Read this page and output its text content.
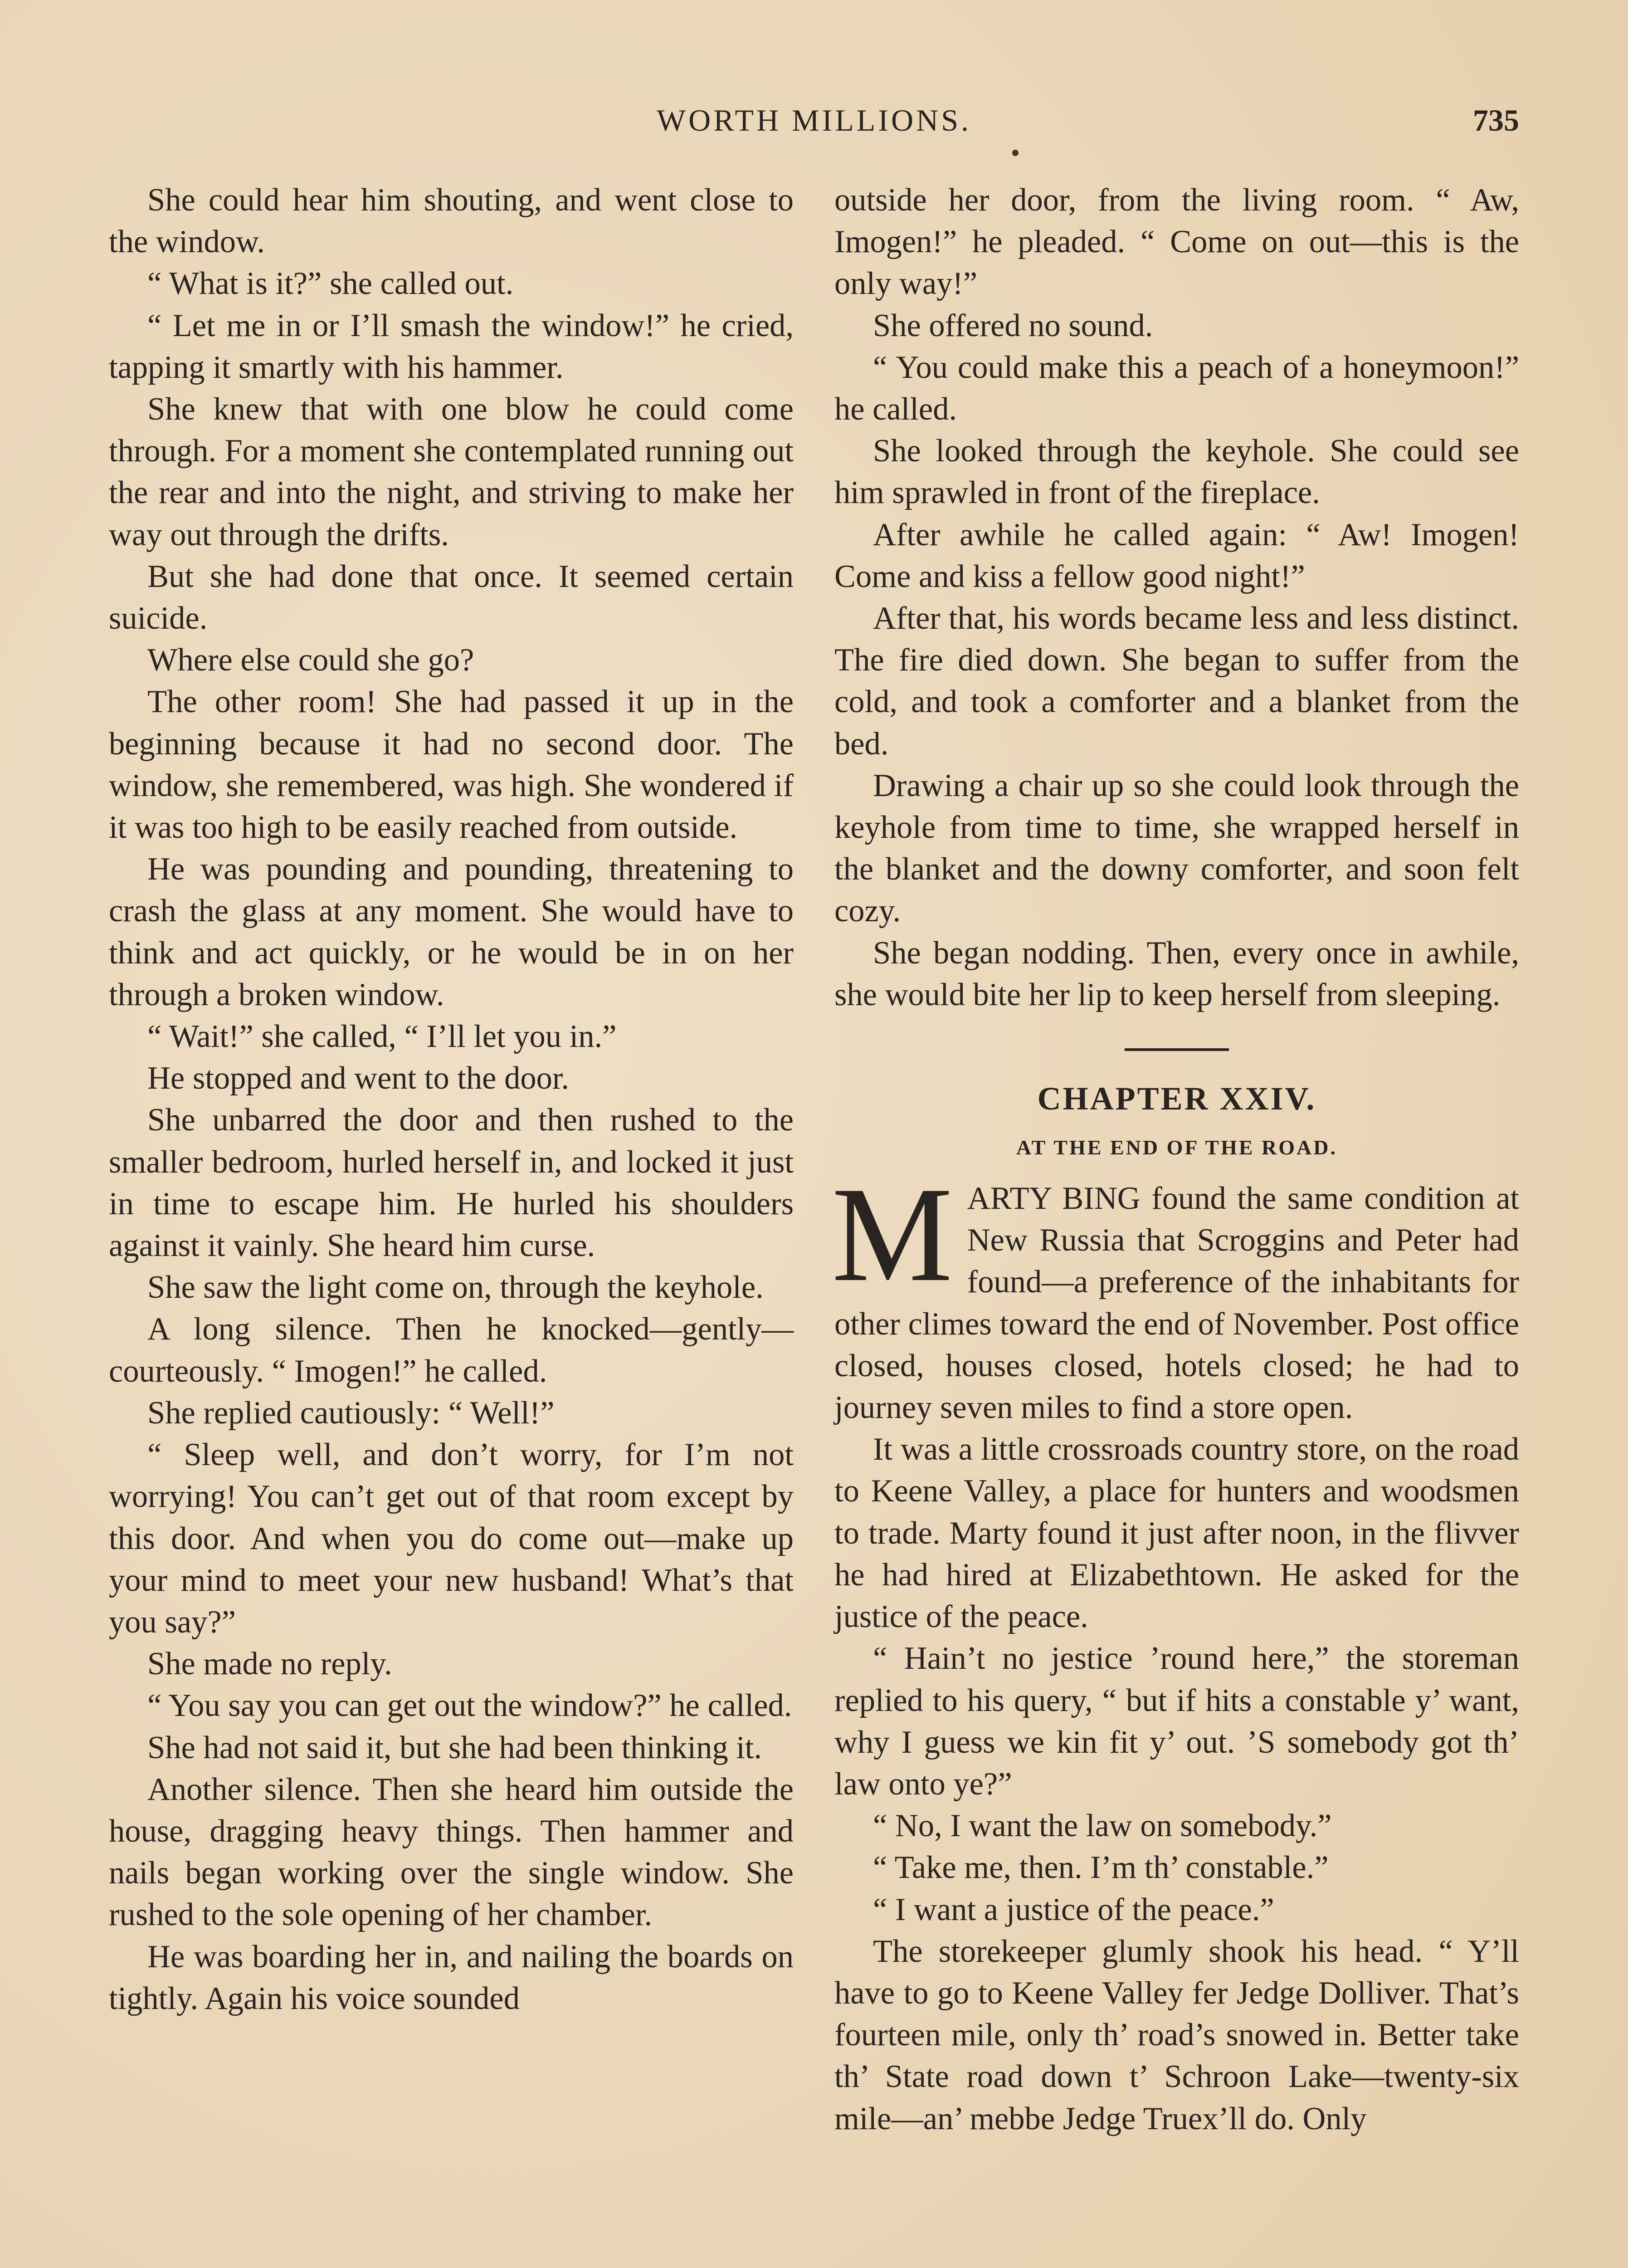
WORTH MILLIONS.	735

She could hear him shouting, and went close to the window.

“ What is it?” she called out.

“ Let me in or I’ll smash the window!” he cried, tapping it smartly with his hammer.

She knew that with one blow he could come through. For a moment she contemplated running out the rear and into the night, and striving to make her way out through the drifts.

But she had done that once. It seemed certain suicide.

Where else could she go?

The other room! She had passed it up in the beginning because it had no second door. The window, she remembered, was high. She wondered if it was too high to be easily reached from outside.

He was pounding and pounding, threatening to crash the glass at any moment. She would have to think and act quickly, or he would be in on her through a broken window.

“ Wait!” she called, “ I’ll let you in.”

He stopped and went to the door.

She unbarred the door and then rushed to the smaller bedroom, hurled herself in, and locked it just in time to escape him. He hurled his shoulders against it vainly. She heard him curse.

She saw the light come on, through the keyhole.

A long silence. Then he knocked—gently—courteously. “ Imogen!” he called.

She replied cautiously: “ Well!”

“ Sleep well, and don’t worry, for I’m not worrying! You can’t get out of that room except by this door. And when you do come out—make up your mind to meet your new husband! What’s that you say?”

She made no reply.

“ You say you can get out the window?” he called.

She had not said it, but she had been thinking it.

Another silence. Then she heard him outside the house, dragging heavy things. Then hammer and nails began working over the single window. She rushed to the sole opening of her chamber.

He was boarding her in, and nailing the boards on tightly. Again his voice sounded

outside her door, from the living room. “ Aw, Imogen!” he pleaded. “ Come on out—this is the only way!”

She offered no sound.

“ You could make this a peach of a honeymoon!” he called.

She looked through the keyhole. She could see him sprawled in front of the fireplace.

After awhile he called again: “ Aw! Imogen! Come and kiss a fellow good night!”

After that, his words became less and less distinct. The fire died down. She began to suffer from the cold, and took a comforter and a blanket from the bed.

Drawing a chair up so she could look through the keyhole from time to time, she wrapped herself in the blanket and the downy comforter, and soon felt cozy.

She began nodding. Then, every once in awhile, she would bite her lip to keep herself from sleeping.

CHAPTER XXIV.
AT THE END OF THE ROAD.

MARTY BING found the same condition at New Russia that Scroggins and Peter had found—a preference of the inhabitants for other climes toward the end of November. Post office closed, houses closed, hotels closed; he had to journey seven miles to find a store open.

It was a little crossroads country store, on the road to Keene Valley, a place for hunters and woodsmen to trade. Marty found it just after noon, in the flivver he had hired at Elizabethtown. He asked for the justice of the peace.

“ Hain’t no jestice ’round here,” the storeman replied to his query, “ but if hits a constable y’ want, why I guess we kin fit y’ out. ’S somebody got th’ law onto ye?”

“ No, I want the law on somebody.”

“ Take me, then. I’m th’ constable.”

“ I want a justice of the peace.”

The storekeeper glumly shook his head. “ Y’ll have to go to Keene Valley fer Jedge Dolliver. That’s fourteen mile, only th’ road’s snowed in. Better take th’ State road down t’ Schroon Lake—twenty-six mile—an’ mebbe Jedge Truex’ll do. Only
